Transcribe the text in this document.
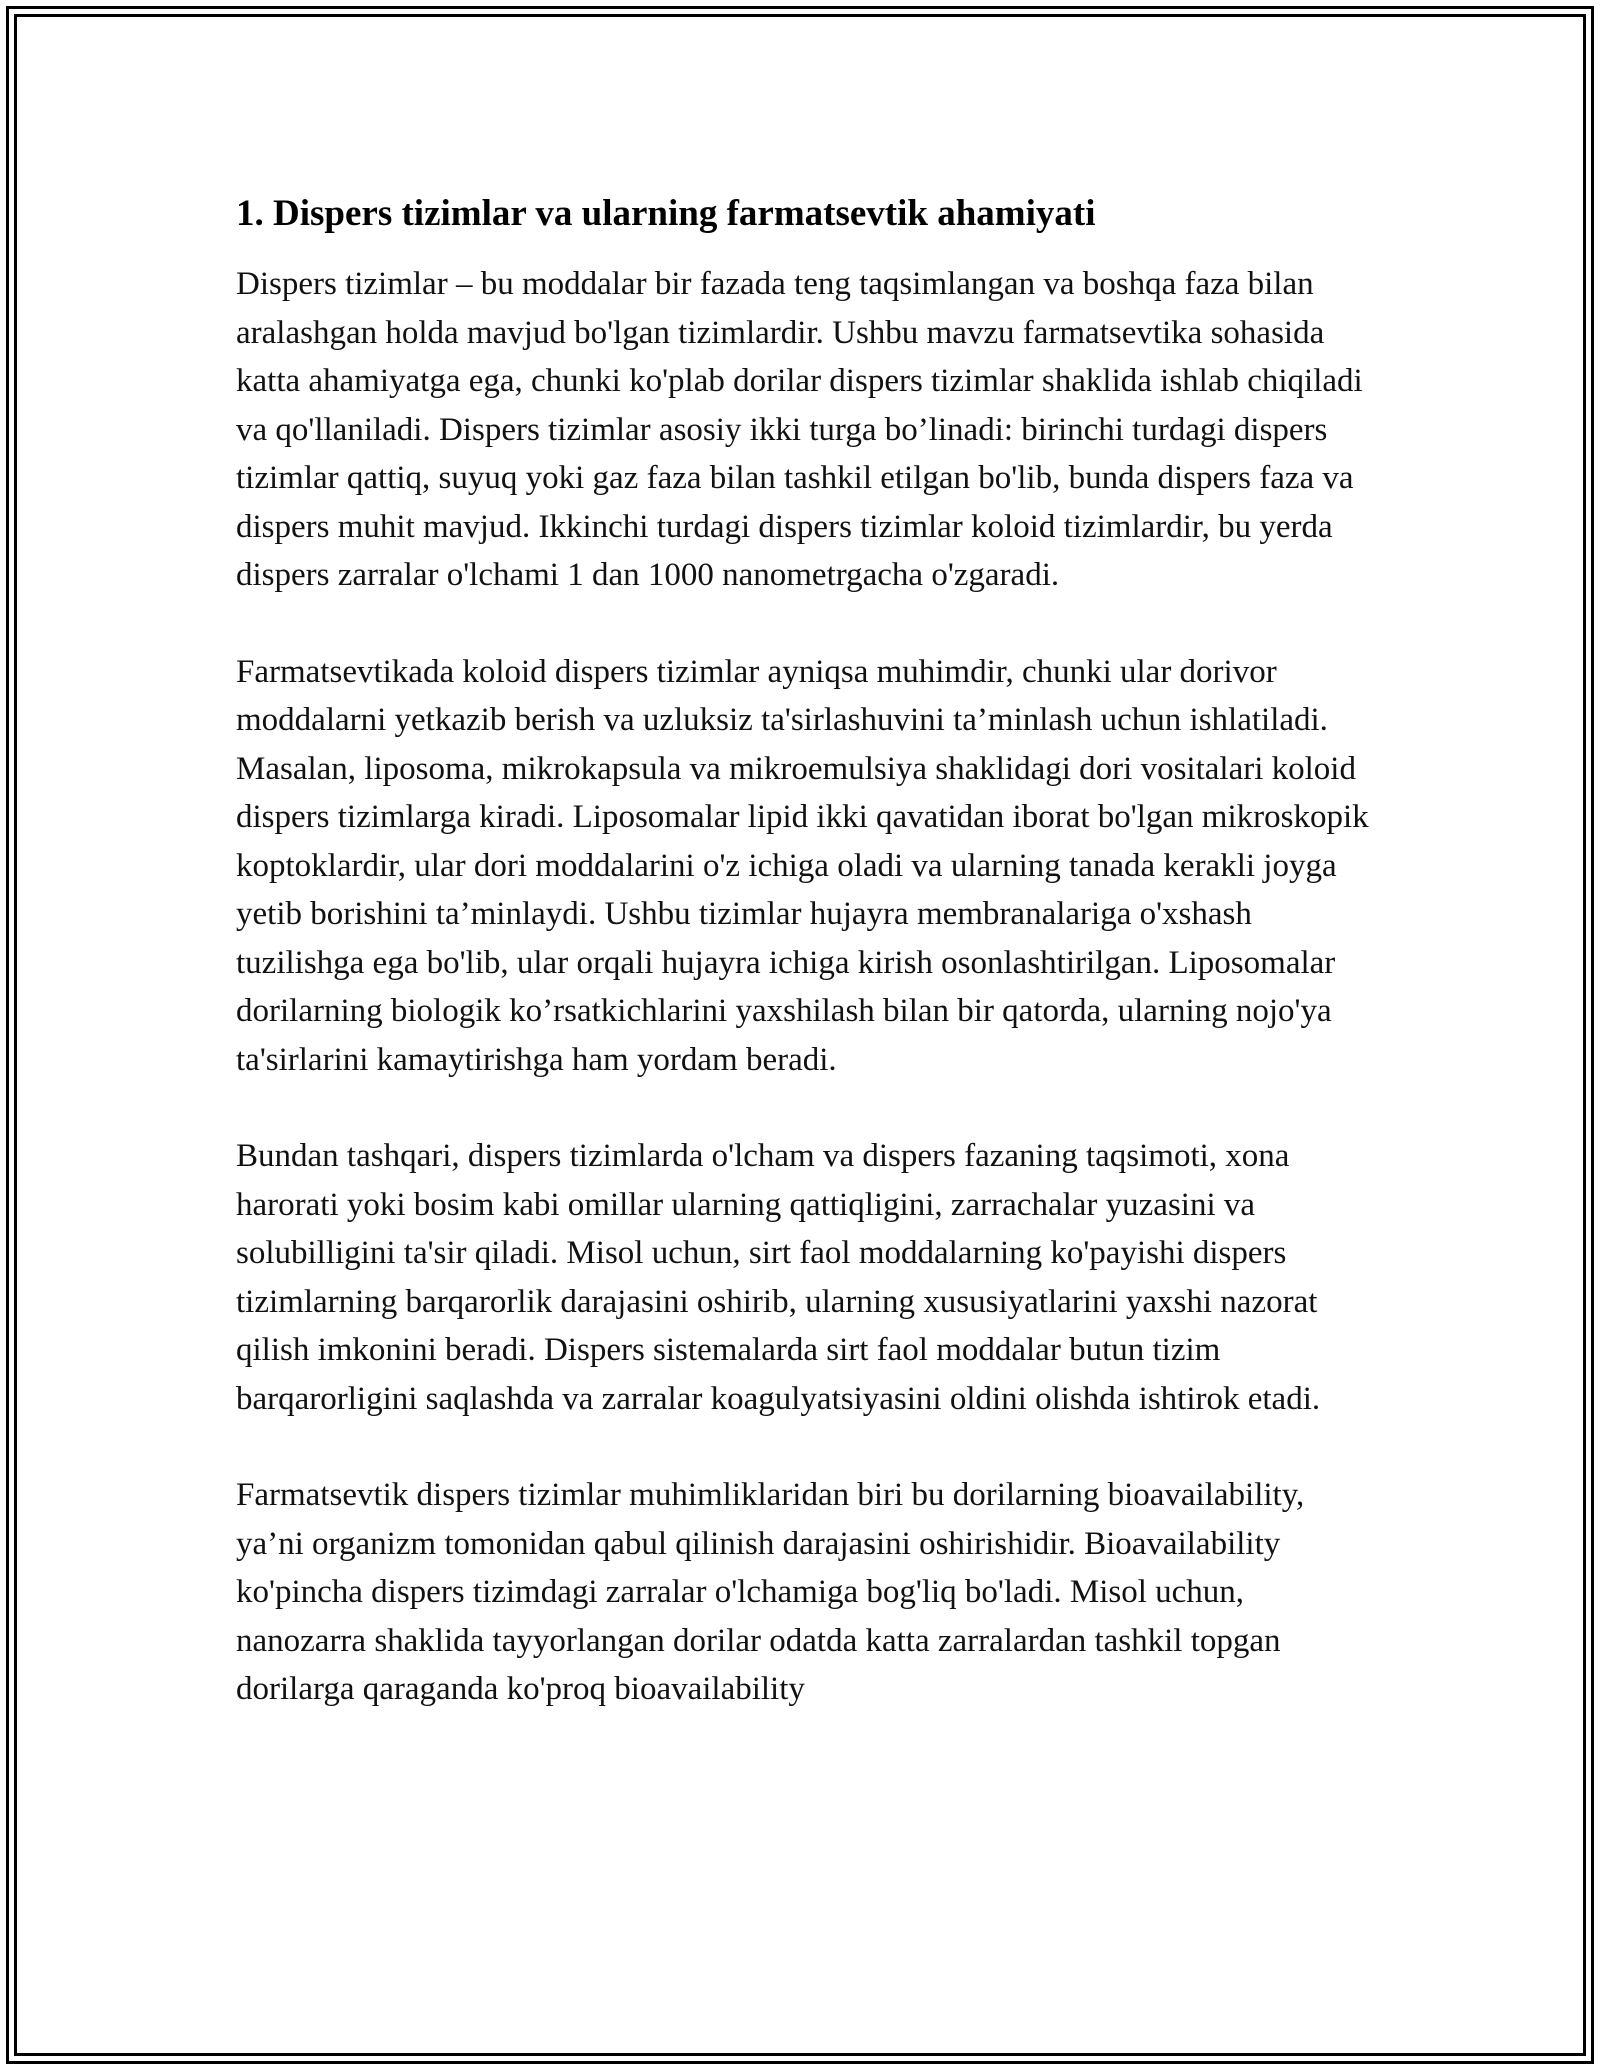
1. Dispers tizimlar va ularning farmatsevtik ahamiyati

Dispers tizimlar – bu moddalar bir fazada teng taqsimlangan va boshqa faza bilan aralashgan holda mavjud bo'lgan tizimlardir. Ushbu mavzu farmatsevtika sohasida katta ahamiyatga ega, chunki ko'plab dorilar dispers tizimlar shaklida ishlab chiqiladi va qo'llaniladi. Dispers tizimlar asosiy ikki turga bo’linadi: birinchi turdagi dispers tizimlar qattiq, suyuq yoki gaz faza bilan tashkil etilgan bo'lib, bunda dispers faza va dispers muhit mavjud. Ikkinchi turdagi dispers tizimlar koloid tizimlardir, bu yerda dispers zarralar o'lchami 1 dan 1000 nanometrgacha o'zgaradi.

Farmatsevtikada koloid dispers tizimlar ayniqsa muhimdir, chunki ular dorivor moddalarni yetkazib berish va uzluksiz ta'sirlashuvini ta’minlash uchun ishlatiladi. Masalan, liposoma, mikrokapsula va mikroemulsiya shaklidagi dori vositalari koloid dispers tizimlarga kiradi. Liposomalar lipid ikki qavatidan iborat bo'lgan mikroskopik koptoklardir, ular dori moddalarini o'z ichiga oladi va ularning tanada kerakli joyga yetib borishini ta’minlaydi. Ushbu tizimlar hujayra membranalariga o'xshash tuzilishga ega bo'lib, ular orqali hujayra ichiga kirish osonlashtirilgan. Liposomalar dorilarning biologik ko’rsatkichlarini yaxshilash bilan bir qatorda, ularning nojo'ya ta'sirlarini kamaytirishga ham yordam beradi.

Bundan tashqari, dispers tizimlarda o'lcham va dispers fazaning taqsimoti, xona harorati yoki bosim kabi omillar ularning qattiqligini, zarrachalar yuzasini va solubilligini ta'sir qiladi. Misol uchun, sirt faol moddalarning ko'payishi dispers tizimlarning barqarorlik darajasini oshirib, ularning xususiyatlarini yaxshi nazorat qilish imkonini beradi. Dispers sistemalarda sirt faol moddalar butun tizim barqarorligini saqlashda va zarralar koagulyatsiyasini oldini olishda ishtirok etadi.

Farmatsevtik dispers tizimlar muhimliklaridan biri bu dorilarning bioavailability, ya’ni organizm tomonidan qabul qilinish darajasini oshirishidir. Bioavailability ko'pincha dispers tizimdagi zarralar o'lchamiga bog'liq bo'ladi. Misol uchun, nanozarra shaklida tayyorlangan dorilar odatda katta zarralardan tashkil topgan dorilarga qaraganda ko'proq bioavailability
